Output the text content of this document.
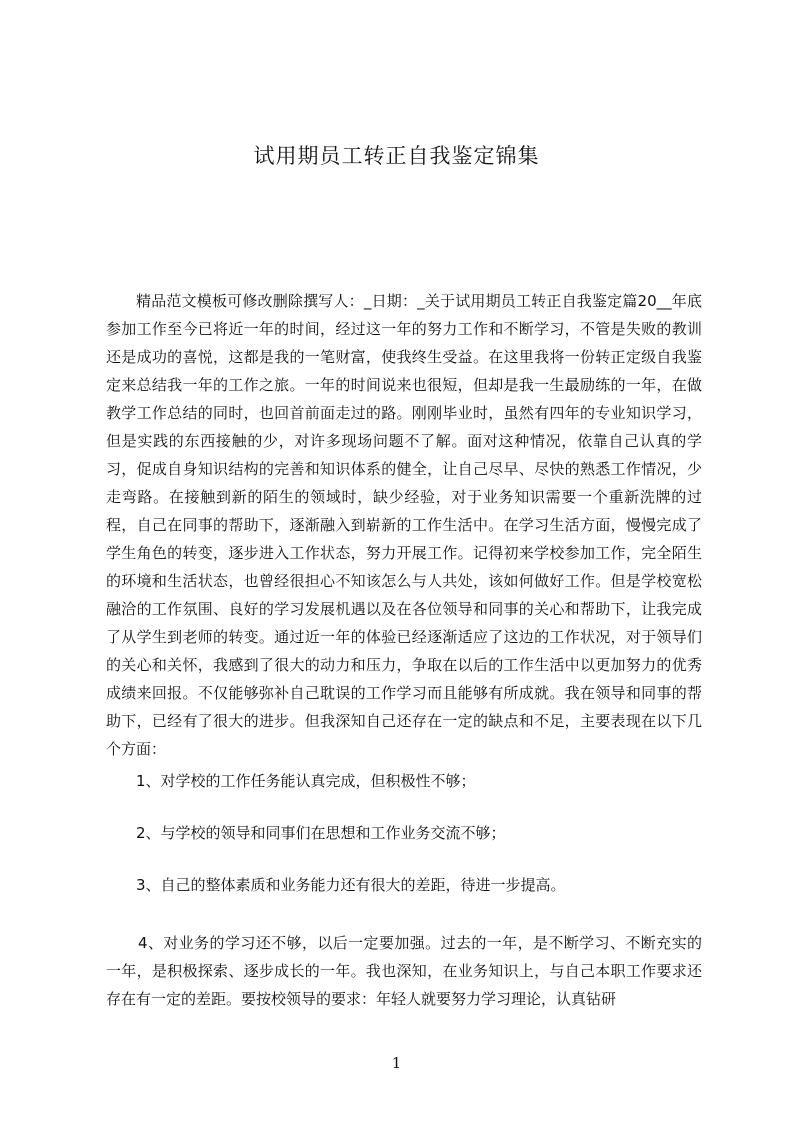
试用期员工转正自我鉴定锦集

精品范文模板可修改删除撰写人：_日期：_关于试用期员工转正自我鉴定篇20__年底参加工作至今已将近一年的时间，经过这一年的努力工作和不断学习，不管是失败的教训还是成功的喜悦，这都是我的一笔财富，使我终生受益。在这里我将一份转正定级自我鉴定来总结我一年的工作之旅。一年的时间说来也很短，但却是我一生最励练的一年，在做教学工作总结的同时，也回首前面走过的路。刚刚毕业时，虽然有四年的专业知识学习，但是实践的东西接触的少，对许多现场问题不了解。面对这种情况，依靠自己认真的学习，促成自身知识结构的完善和知识体系的健全，让自己尽早、尽快的熟悉工作情况，少走弯路。在接触到新的陌生的领域时，缺少经验，对于业务知识需要一个重新洗牌的过程，自己在同事的帮助下，逐渐融入到崭新的工作生活中。在学习生活方面，慢慢完成了学生角色的转变，逐步进入工作状态，努力开展工作。记得初来学校参加工作，完全陌生的环境和生活状态，也曾经很担心不知该怎么与人共处，该如何做好工作。但是学校宽松融洽的工作氛围、良好的学习发展机遇以及在各位领导和同事的关心和帮助下，让我完成了从学生到老师的转变。通过近一年的体验已经逐渐适应了这边的工作状况，对于领导们的关心和关怀，我感到了很大的动力和压力，争取在以后的工作生活中以更加努力的优秀成绩来回报。不仅能够弥补自己耽误的工作学习而且能够有所成就。我在领导和同事的帮助下，已经有了很大的进步。但我深知自己还存在一定的缺点和不足，主要表现在以下几个方面：

1、对学校的工作任务能认真完成，但积极性不够；

2、与学校的领导和同事们在思想和工作业务交流不够；

3、自己的整体素质和业务能力还有很大的差距，待进一步提高。

4、对业务的学习还不够，以后一定要加强。过去的一年，是不断学习、不断充实的一年，是积极探索、逐步成长的一年。我也深知，在业务知识上，与自己本职工作要求还存在有一定的差距。要按校领导的要求：年轻人就要努力学习理论，认真钻研

1
